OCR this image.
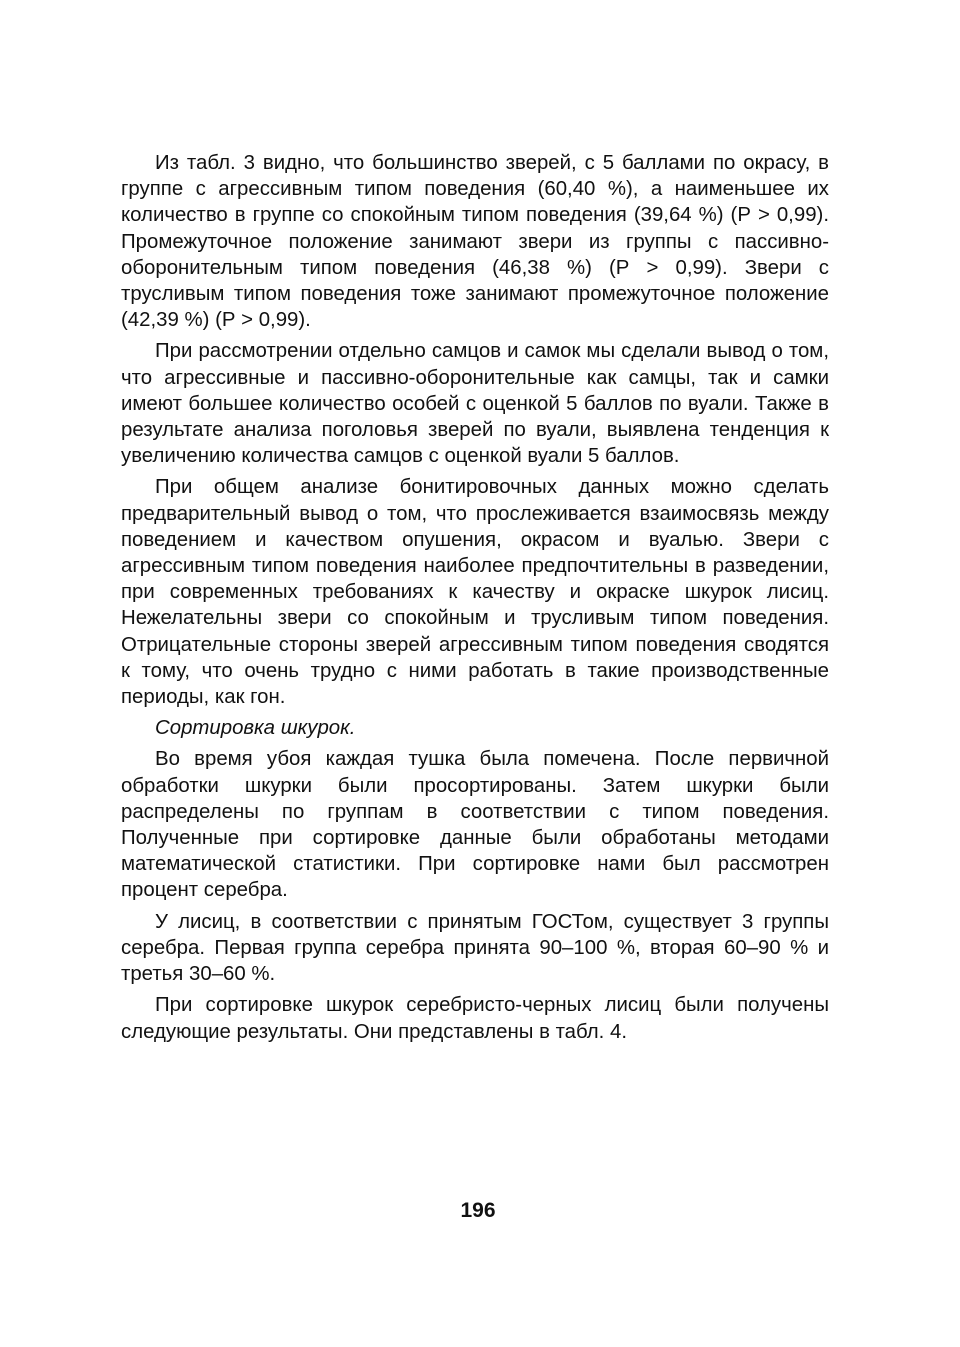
Из табл. 3 видно, что большинство зверей, с 5 баллами по окрасу, в группе с агрессивным типом поведения (60,40 %), а наименьшее их количество в группе со спокойным типом поведения (39,64 %) (Р > 0,99). Промежуточное положение занимают звери из группы с пассивно-оборонительным типом поведения (46,38 %) (Р > 0,99). Звери с трусливым типом поведения тоже занимают промежуточное положение (42,39 %) (Р > 0,99).

При рассмотрении отдельно самцов и самок мы сделали вывод о том, что агрессивные и пассивно-оборонительные как самцы, так и самки имеют большее количество особей с оценкой 5 баллов по вуали. Также в результате анализа поголовья зверей по вуали, выявлена тенденция к увеличению количества самцов с оценкой вуали 5 баллов.

При общем анализе бонитировочных данных можно сделать предварительный вывод о том, что прослеживается взаимосвязь между поведением и качеством опушения, окрасом и вуалью. Звери с агрессивным типом поведения наиболее предпочтительны в разведении, при современных требованиях к качеству и окраске шкурок лисиц. Нежелательны звери со спокойным и трусливым типом поведения. Отрицательные стороны зверей агрессивным типом поведения сводятся к тому, что очень трудно с ними работать в такие производственные периоды, как гон.

Сортировка шкурок.

Во время убоя каждая тушка была помечена. После первичной обработки шкурки были просортированы. Затем шкурки были распределены по группам в соответствии с типом поведения. Полученные при сортировке данные были обработаны методами математической статистики. При сортировке нами был рассмотрен процент серебра.

У лисиц, в соответствии с принятым ГОСТом, существует 3 группы серебра. Первая группа серебра принята 90–100 %, вторая 60–90 % и третья 30–60 %.

При сортировке шкурок серебристо-черных лисиц были получены следующие результаты. Они представлены в табл. 4.

196
